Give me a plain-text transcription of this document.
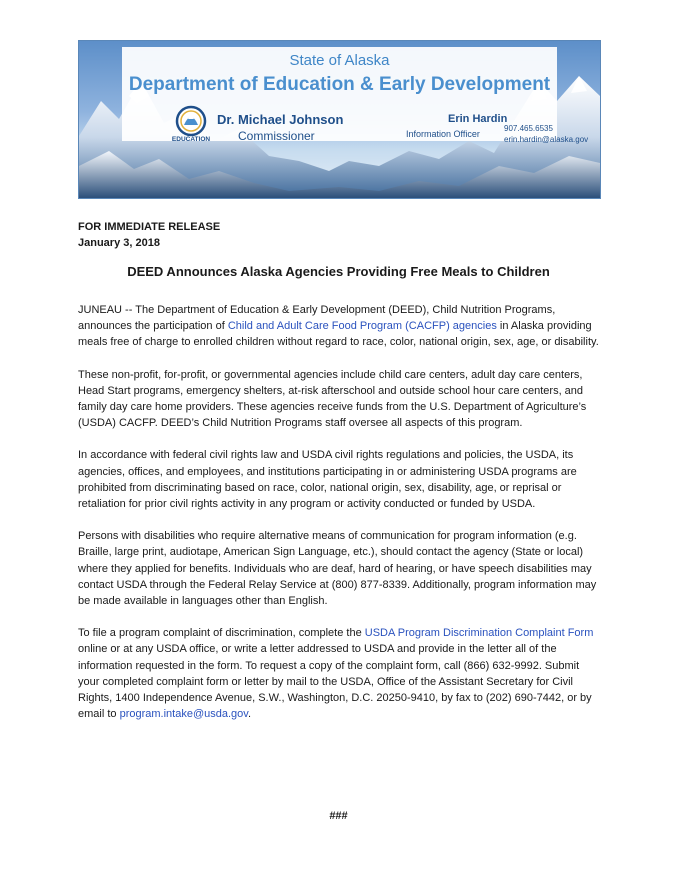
State of Alaska
Department of Education & Early Development
EDUCATION
Dr. Michael Johnson
Commissioner
Erin Hardin
Information Officer
907.465.6535
erin.hardin@alaska.gov
FOR IMMEDIATE RELEASE
January 3, 2018
DEED Announces Alaska Agencies Providing Free Meals to Children

JUNEAU -- The Department of Education & Early Development (DEED), Child Nutrition Programs, announces the participation of Child and Adult Care Food Program (CACFP) agencies in Alaska providing meals free of charge to enrolled children without regard to race, color, national origin, sex, age, or disability.

These non-profit, for-profit, or governmental agencies include child care centers, adult day care centers, Head Start programs, emergency shelters, at-risk afterschool and outside school hour care centers, and family day care home providers. These agencies receive funds from the U.S. Department of Agriculture’s (USDA) CACFP. DEED’s Child Nutrition Programs staff oversee all aspects of this program.

In accordance with federal civil rights law and USDA civil rights regulations and policies, the USDA, its agencies, offices, and employees, and institutions participating in or administering USDA programs are prohibited from discriminating based on race, color, national origin, sex, disability, age, or reprisal or retaliation for prior civil rights activity in any program or activity conducted or funded by USDA.

Persons with disabilities who require alternative means of communication for program information (e.g. Braille, large print, audiotape, American Sign Language, etc.), should contact the agency (State or local) where they applied for benefits. Individuals who are deaf, hard of hearing, or have speech disabilities may contact USDA through the Federal Relay Service at (800) 877-8339. Additionally, program information may be made available in languages other than English.

To file a program complaint of discrimination, complete the USDA Program Discrimination Complaint Form online or at any USDA office, or write a letter addressed to USDA and provide in the letter all of the information requested in the form. To request a copy of the complaint form, call (866) 632-9992. Submit your completed complaint form or letter by mail to the USDA, Office of the Assistant Secretary for Civil Rights, 1400 Independence Avenue, S.W., Washington, D.C. 20250-9410, by fax to (202) 690-7442, or by email to program.intake@usda.gov.

###
